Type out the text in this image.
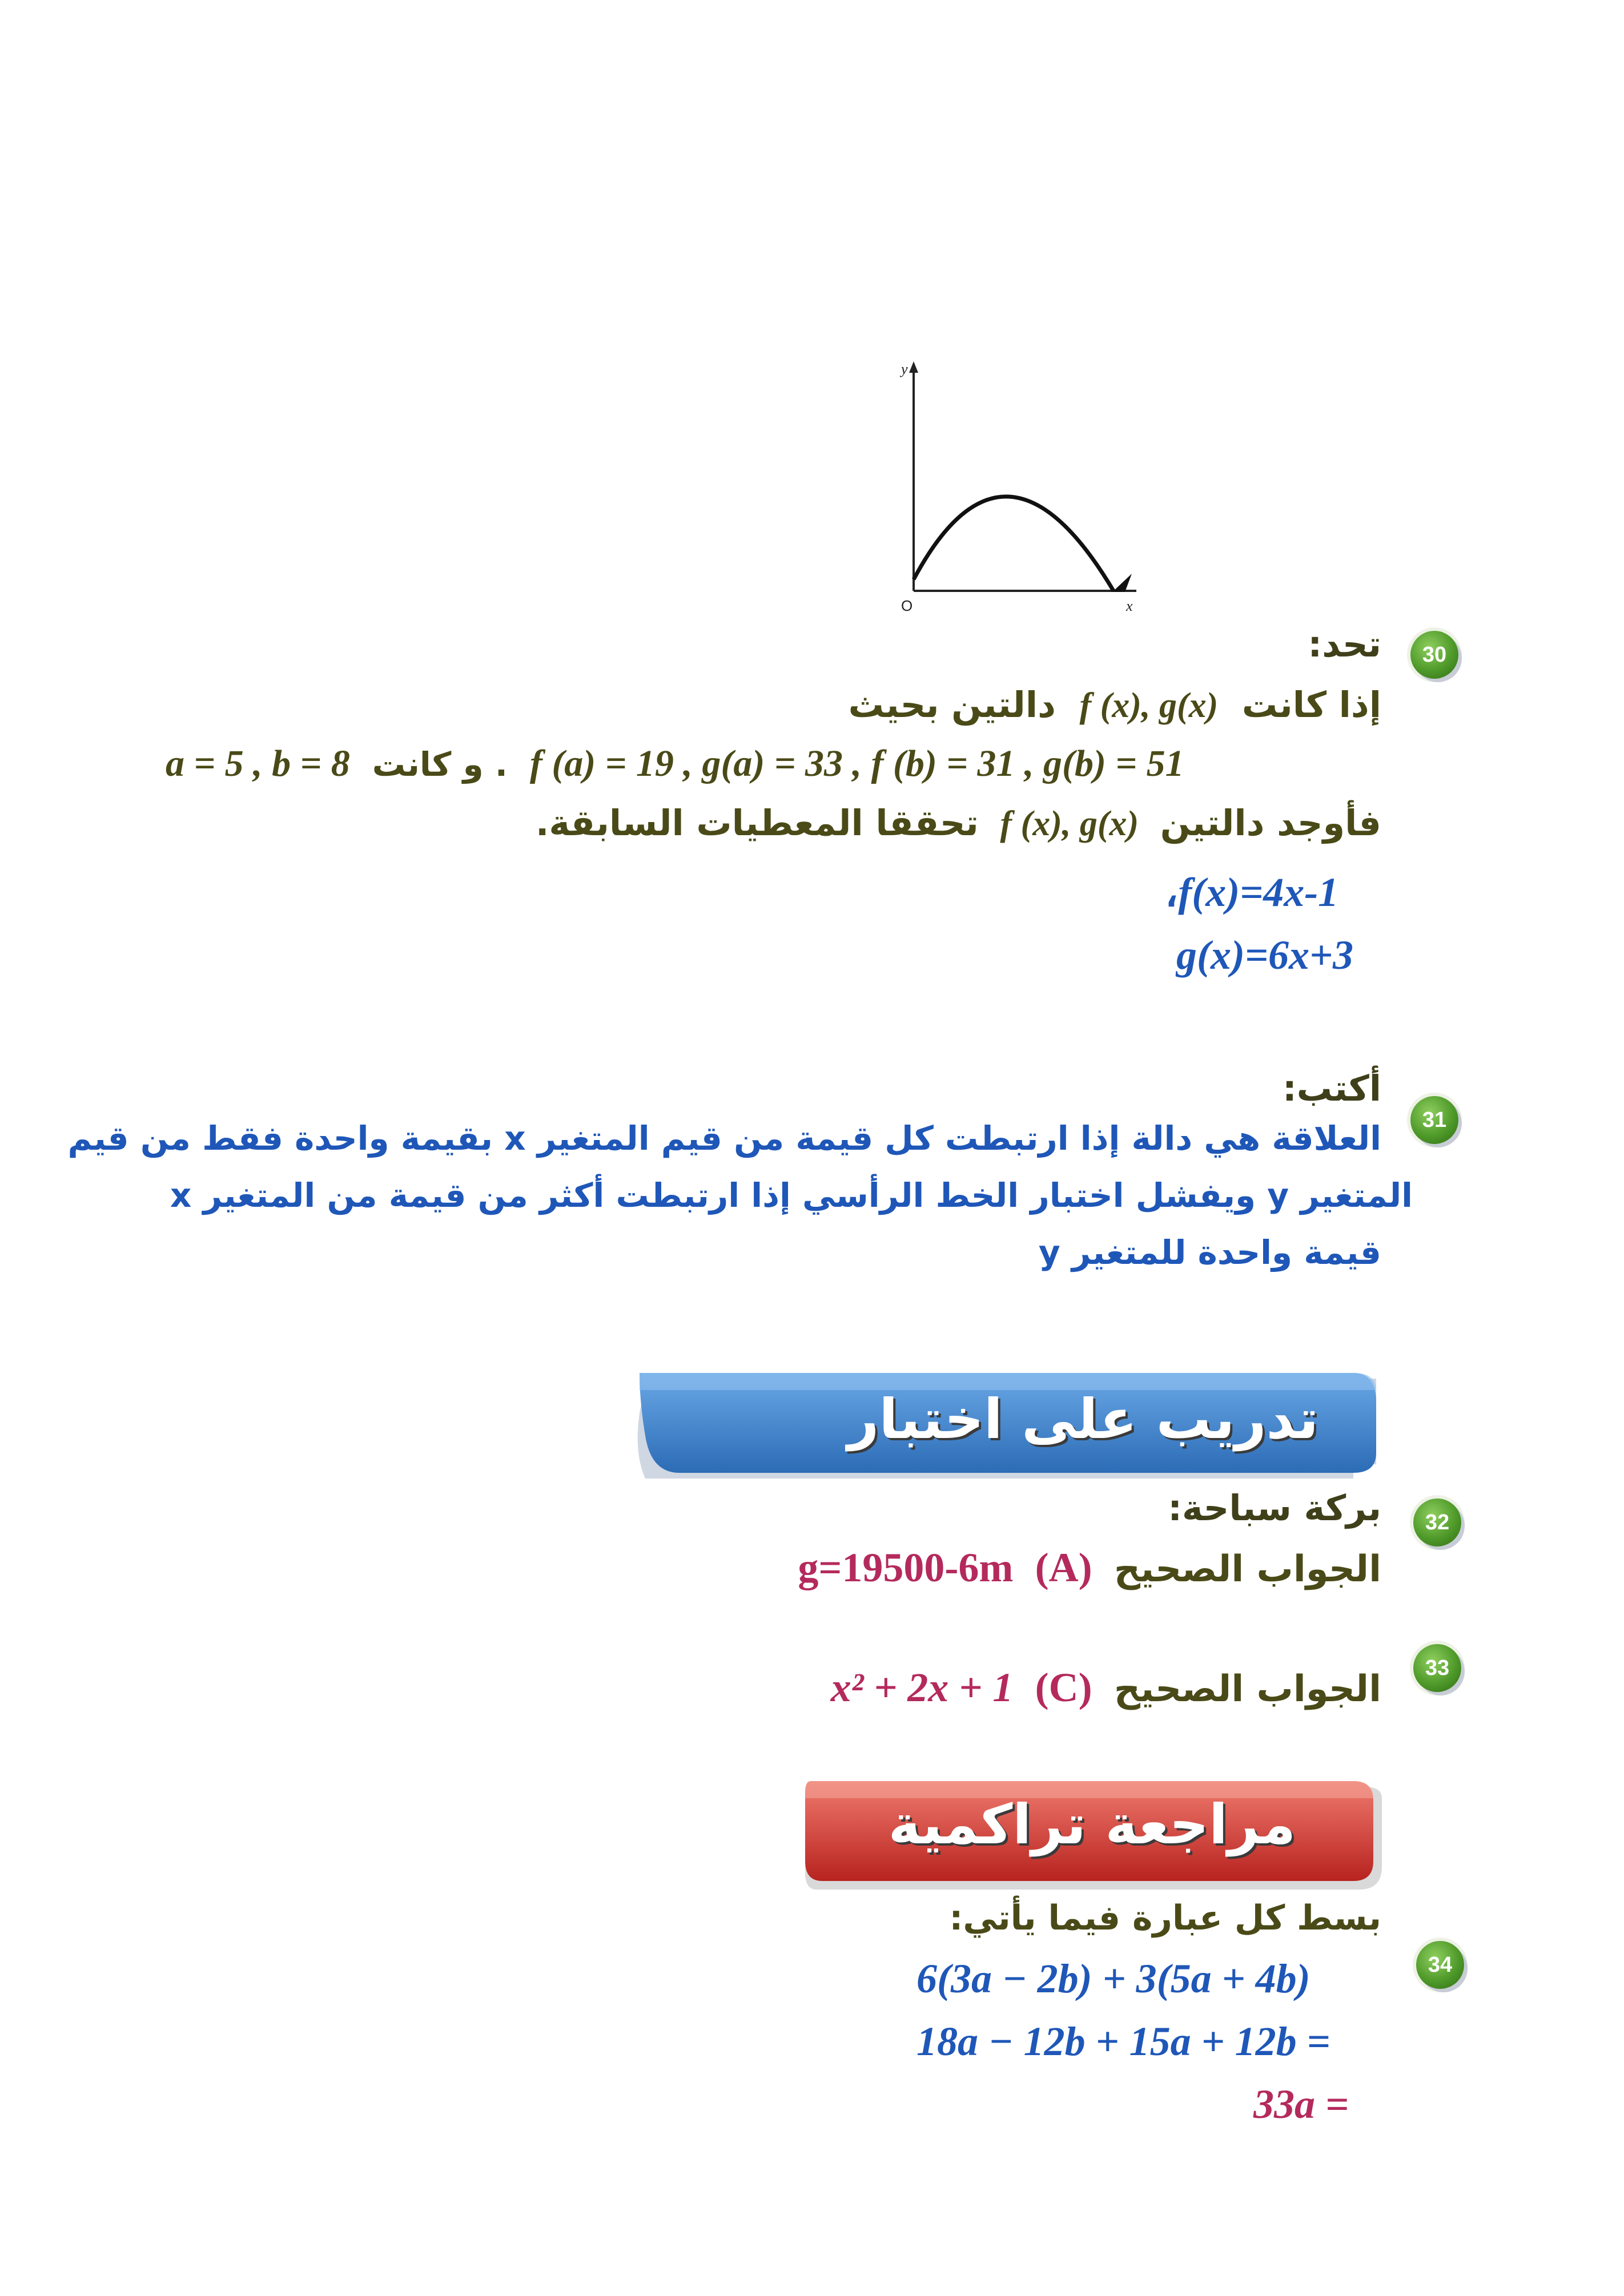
y
x
O
30
تحد:
إذا كانت f (x), g(x) دالتين بحيث
a = 5 , b = 8 . و كانت f (a) = 19 , g(a) = 33 , f (b) = 31 , g(b) = 51
فأوجد دالتين f (x), g(x) تحققا المعطيات السابقة.
،f(x)=4x-1
g(x)=6x+3
31
أكتب:
العلاقة هي دالة إذا ارتبطت كل قيمة من قيم المتغير x بقيمة واحدة فقط من قيم
المتغير y ويفشل اختبار الخط الرأسي إذا ارتبطت أكثر من قيمة من المتغير x
قيمة واحدة للمتغير y
تدريب على اختبار
32
بركة سباحة:
الجواب الصحيح (A) g=19500-6m
33
الجواب الصحيح (C) x² + 2x + 1
مراجعة تراكمية
34
بسط كل عبارة فيما يأتي:
6(3a − 2b) + 3(5a + 4b)
18a − 12b + 15a + 12b =
33a =
